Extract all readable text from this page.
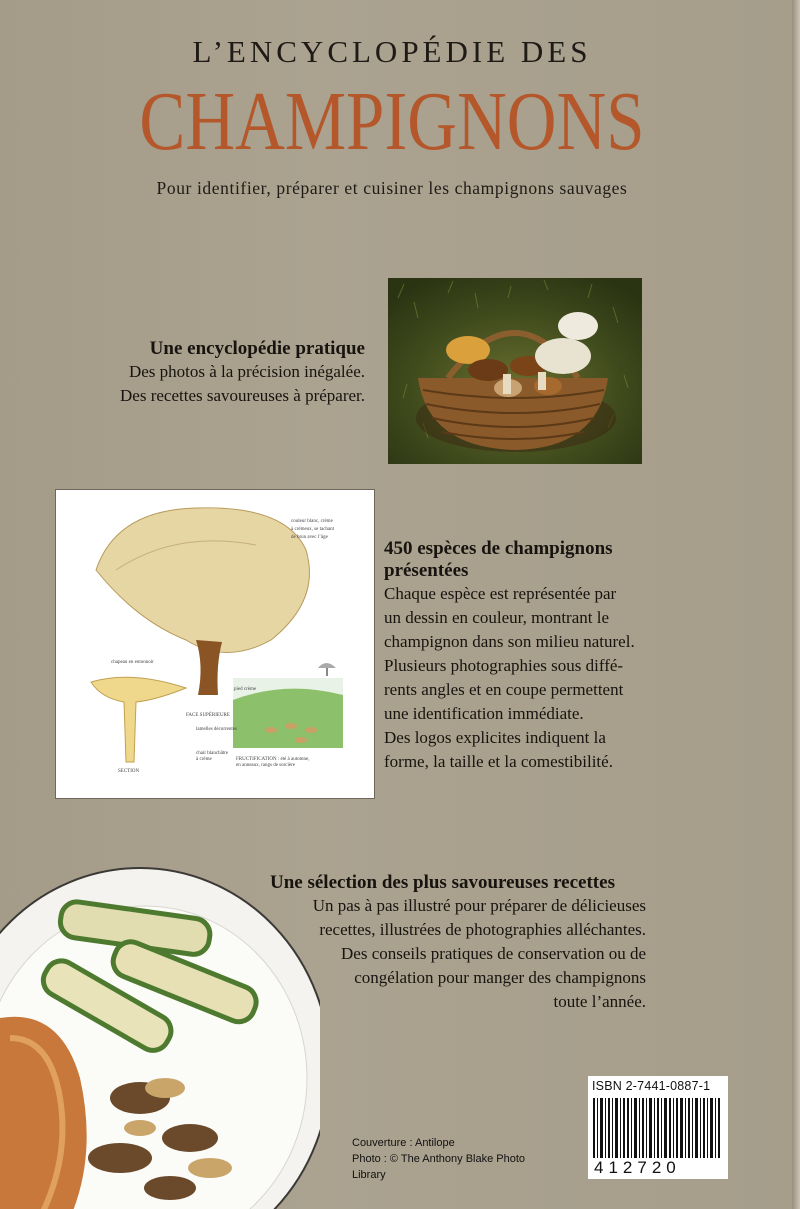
L’ENCYCLOPÉDIE DES
CHAMPIGNONS
Pour identifier, préparer et cuisiner les champignons sauvages
Une encyclopédie pratique

Des photos à la précision inégalée.

Des recettes savoureuses à préparer.

couleur blanc, crème
à crémeux, se tachant
de brun avec l’âge
chapeau en entonnoir
pied crème
FACE SUPÉRIEURE
lamelles décurrentes
chair blanchâtre
à crème
SECTION
FRUCTIFICATION : été à automne,
en anneaux, rangs de sorcière
450 espèces de champignons
présentées

Chaque espèce est représentée par

un dessin en couleur, montrant le

champignon dans son milieu naturel.

Plusieurs photographies sous diffé-

rents angles et en coupe permettent

une identification immédiate.

Des logos explicites indiquent la

forme, la taille et la comestibilité.

Une sélection des plus savoureuses recettes

Un pas à pas illustré pour préparer de délicieuses

recettes, illustrées de photographies alléchantes.

Des conseils pratiques de conservation ou de

congélation pour manger des champignons

toute l’année.

ISBN 2-7441-0887-1
412720
Couverture : Antilope
Photo : © The Anthony Blake Photo
Library
